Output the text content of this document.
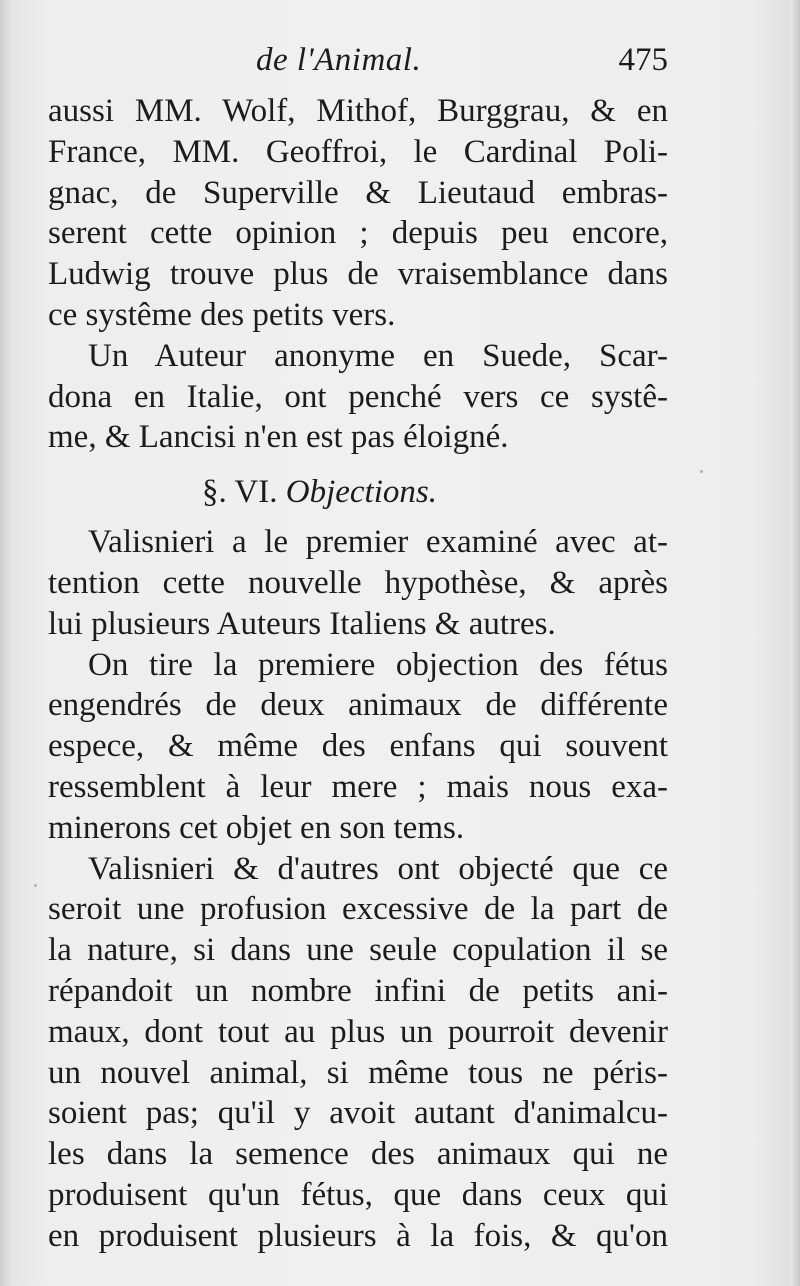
de l'Animal.	475
aussi MM. Wolf, Mithof, Burggrau, & en
France, MM. Geoffroi, le Cardinal Poli-
gnac, de Superville & Lieutaud embras-
serent cette opinion ; depuis peu encore,
Ludwig trouve plus de vraisemblance dans
ce systême des petits vers.
Un Auteur anonyme en Suede, Scar-
dona en Italie, ont penché vers ce systê-
me, & Lancisi n'en est pas éloigné.
§. VI. Objections.
Valisnieri a le premier examiné avec at-
tention cette nouvelle hypothèse, & après
lui plusieurs Auteurs Italiens & autres.
On tire la premiere objection des fétus
engendrés de deux animaux de différente
espece, & même des enfans qui souvent
ressemblent à leur mere ; mais nous exa-
minerons cet objet en son tems.
Valisnieri & d'autres ont objecté que ce
seroit une profusion excessive de la part de
la nature, si dans une seule copulation il se
répandoit un nombre infini de petits ani-
maux, dont tout au plus un pourroit devenir
un nouvel animal, si même tous ne péris-
soient pas; qu'il y avoit autant d'animalcu-
les dans la semence des animaux qui ne
produisent qu'un fétus, que dans ceux qui
en produisent plusieurs à la fois, & qu'on
